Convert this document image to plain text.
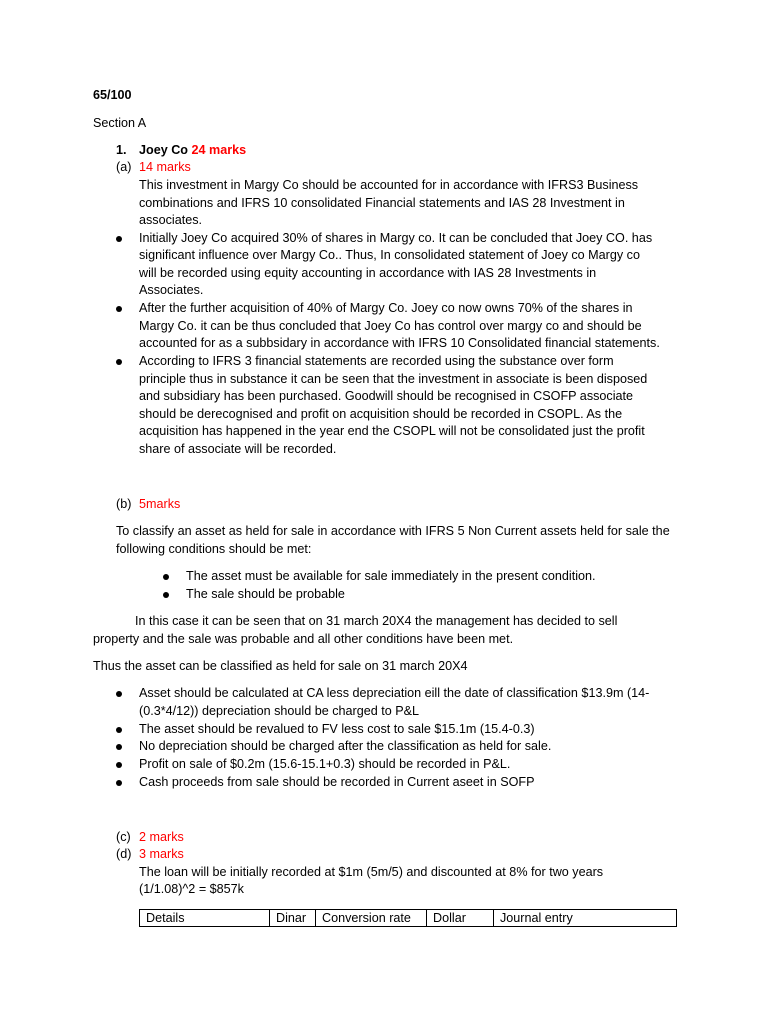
65/100
Section A
1. Joey Co 24 marks
(a) 14 marks
This investment in Margy Co should be accounted for in accordance with IFRS3 Business
combinations and IFRS 10 consolidated Financial statements and IAS 28 Investment in
associates.
Initially Joey Co acquired 30% of shares in Margy co. It can be concluded that Joey CO. has
significant influence over Margy Co.. Thus, In consolidated statement of Joey co Margy co
will be recorded using equity accounting in accordance with IAS 28 Investments in
Associates.
After the further acquisition of 40% of Margy Co. Joey co now owns 70% of the shares in
Margy Co. it can be thus concluded that Joey Co has control over margy co and should be
accounted for as a subbsidary in accordance with IFRS 10 Consolidated financial statements.
According to IFRS 3 financial statements are recorded using the substance over form
principle thus in substance it can be seen that the investment in associate is been disposed
and subsidiary has been purchased. Goodwill should be recognised in CSOFP associate
should be derecognised and profit on acquisition should be recorded in CSOPL. As the
acquisition has happened in the year end the CSOPL will not be consolidated just the profit
share of associate will be recorded.
(b) 5marks
To classify an asset as held for sale in accordance with IFRS 5 Non Current assets held for sale the
following conditions should be met:
The asset must be available for sale immediately in the present condition.
The sale should be probable
In this case it can be seen that on 31 march 20X4 the management has decided to sell
property and the sale was probable and all other conditions have been met.
Thus the asset can be classified as held for sale on 31 march 20X4
Asset should be calculated at CA less depreciation eill the date of classification $13.9m (14-
(0.3*4/12)) depreciation should be charged to P&L
The asset should be revalued to FV less cost to sale $15.1m (15.4-0.3)
No depreciation should be charged after the classification as held for sale.
Profit on sale of $0.2m (15.6-15.1+0.3) should be recorded in P&L.
Cash proceeds from sale should be recorded in Current aseet in SOFP
(c) 2 marks
(d) 3 marks
The loan will be initially recorded at $1m (5m/5) and discounted at 8% for two years
(1/1.08)^2 = $857k
Details	Dinar	Conversion rate	Dollar	Journal entry
